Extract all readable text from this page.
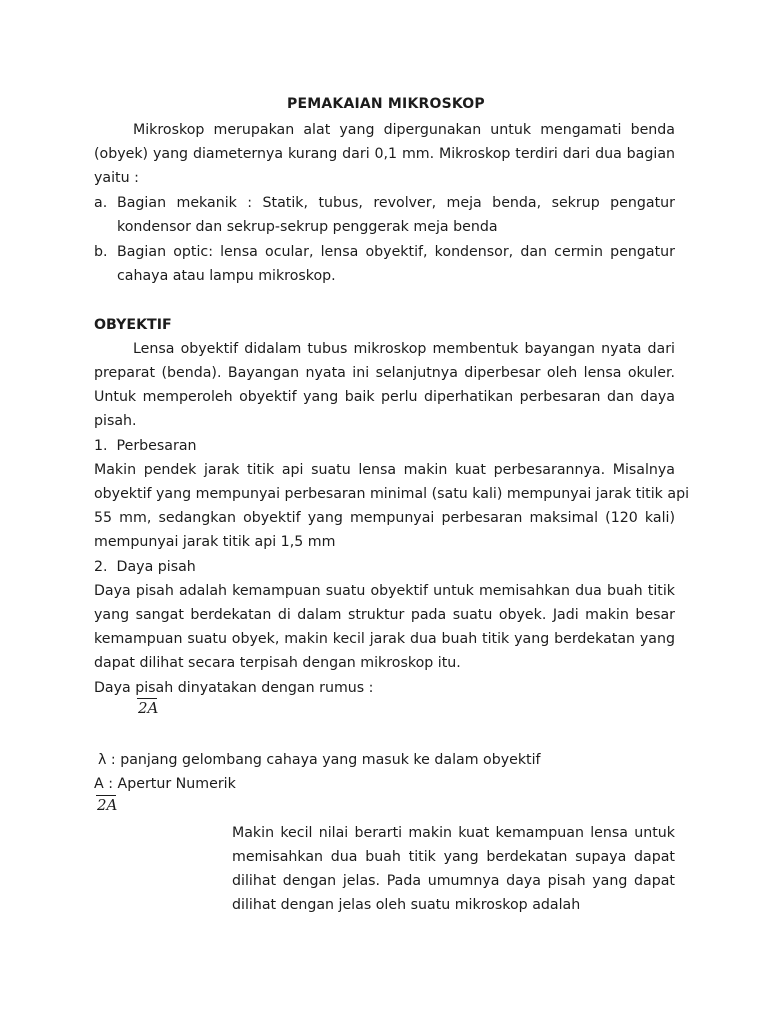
PEMAKAIAN MIKROSKOP
Mikroskop merupakan alat yang dipergunakan untuk mengamati benda
(obyek) yang diameternya kurang dari 0,1 mm. Mikroskop terdiri dari dua bagian
yaitu :
a. Bagian mekanik : Statik, tubus, revolver, meja benda, sekrup pengatur
kondensor dan sekrup-sekrup penggerak meja benda
b. Bagian optic: lensa ocular, lensa obyektif, kondensor, dan cermin pengatur
cahaya atau lampu mikroskop.
OBYEKTIF
Lensa obyektif didalam tubus mikroskop membentuk bayangan nyata dari
preparat (benda). Bayangan nyata ini selanjutnya diperbesar oleh lensa okuler.
Untuk memperoleh obyektif yang baik perlu diperhatikan perbesaran dan daya
pisah.
1.  Perbesaran
Makin pendek jarak titik api suatu lensa makin kuat perbesarannya. Misalnya
obyektif yang mempunyai perbesaran minimal (satu kali) mempunyai jarak titik api
55 mm, sedangkan obyektif yang mempunyai perbesaran maksimal (120 kali)
mempunyai jarak titik api 1,5 mm
2.  Daya pisah
Daya pisah adalah kemampuan suatu obyektif untuk memisahkan dua buah titik
yang sangat berdekatan di dalam struktur pada suatu obyek. Jadi makin besar
kemampuan suatu obyek, makin kecil jarak dua buah titik yang berdekatan yang
dapat dilihat secara terpisah dengan mikroskop itu.
Daya pisah dinyatakan dengan rumus :
2A
λ : panjang gelombang cahaya yang masuk ke dalam obyektif
A : Apertur Numerik
2A
Makin kecil nilai berarti makin kuat kemampuan lensa untuk
memisahkan dua buah titik yang berdekatan supaya dapat
dilihat dengan jelas. Pada umumnya daya pisah yang dapat
dilihat dengan jelas oleh suatu mikroskop adalah
